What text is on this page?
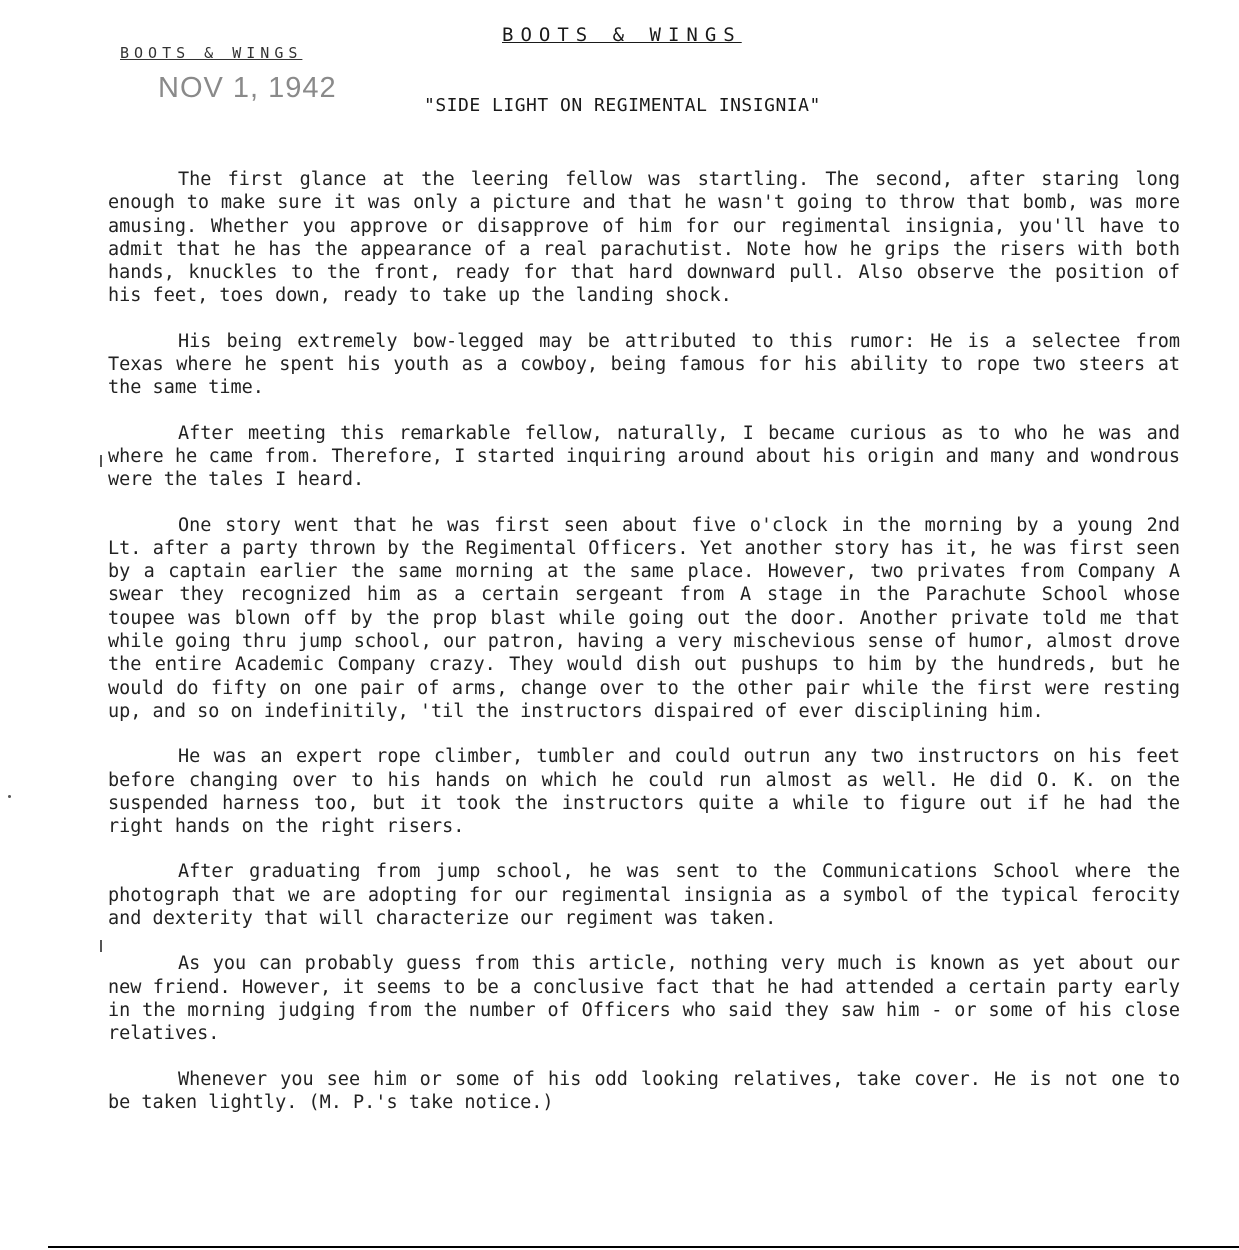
BOOTS & WINGS
NOV 1, 1942
BOOTS & WINGS
"SIDE LIGHT ON REGIMENTAL INSIGNIA"

The first glance at the leering fellow was startling. The second, after staring long enough to make sure it was only a picture and that he wasn't going to throw that bomb, was more amusing. Whether you approve or disapprove of him for our regimental insignia, you'll have to admit that he has the appearance of a real parachutist. Note how he grips the risers with both hands, knuckles to the front, ready for that hard downward pull. Also observe the position of his feet, toes down, ready to take up the landing shock.

His being extremely bow-legged may be attributed to this rumor: He is a selectee from Texas where he spent his youth as a cowboy, being famous for his ability to rope two steers at the same time.

After meeting this remarkable fellow, naturally, I became curious as to who he was and where he came from. Therefore, I started inquiring around about his origin and many and wondrous were the tales I heard.

One story went that he was first seen about five o'clock in the morning by a young 2nd Lt. after a party thrown by the Regimental Officers. Yet another story has it, he was first seen by a captain earlier the same morning at the same place. However, two privates from Company A swear they recognized him as a certain sergeant from A stage in the Parachute School whose toupee was blown off by the prop blast while going out the door. Another private told me that while going thru jump school, our patron, having a very mischevious sense of humor, almost drove the entire Academic Company crazy. They would dish out pushups to him by the hundreds, but he would do fifty on one pair of arms, change over to the other pair while the first were resting up, and so on indefinitily, 'til the instructors dispaired of ever disciplining him.

He was an expert rope climber, tumbler and could outrun any two instructors on his feet before changing over to his hands on which he could run almost as well. He did O. K. on the suspended harness too, but it took the instructors quite a while to figure out if he had the right hands on the right risers.

After graduating from jump school, he was sent to the Communications School where the photograph that we are adopting for our regimental insignia as a symbol of the typical ferocity and dexterity that will characterize our regiment was taken.

As you can probably guess from this article, nothing very much is known as yet about our new friend. However, it seems to be a conclusive fact that he had attended a certain party early in the morning judging from the number of Officers who said they saw him - or some of his close relatives.

Whenever you see him or some of his odd looking relatives, take cover. He is not one to be taken lightly. (M. P.'s take notice.)
